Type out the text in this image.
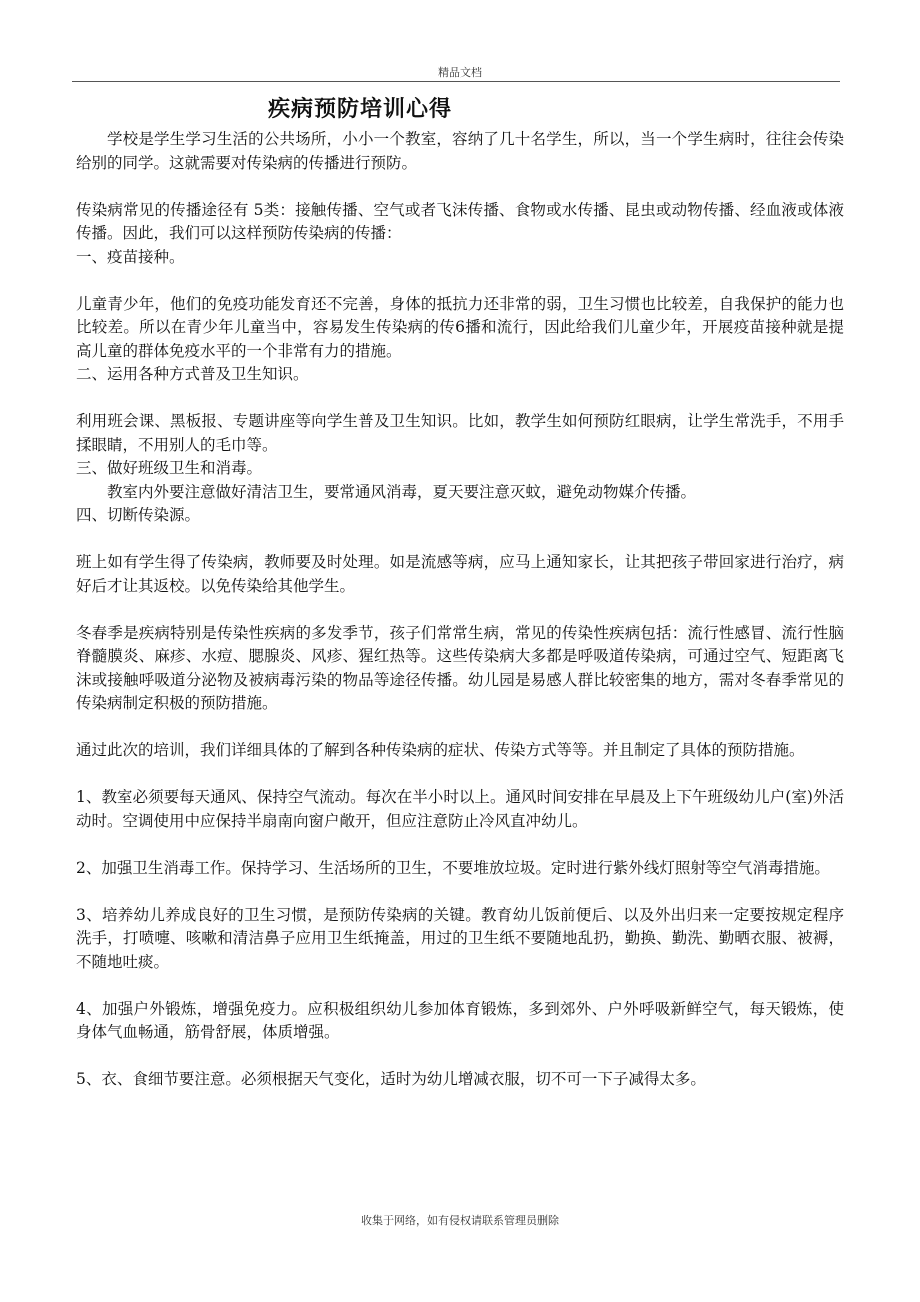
精品文档
疾病预防培训心得

学校是学生学习生活的公共场所，小小一个教室，容纳了几十名学生，所以，当一个学生病时，往往会传染给别的同学。这就需要对传染病的传播进行预防。

传染病常见的传播途径有 5类：接触传播、空气或者飞沫传播、食物或水传播、昆虫或动物传播、经血液或体液传播。因此，我们可以这样预防传染病的传播：

一、疫苗接种。

儿童青少年，他们的免疫功能发育还不完善，身体的抵抗力还非常的弱，卫生习惯也比较差，自我保护的能力也比较差。所以在青少年儿童当中，容易发生传染病的传6播和流行，因此给我们儿童少年，开展疫苗接种就是提高儿童的群体免疫水平的一个非常有力的措施。

二、运用各种方式普及卫生知识。

利用班会课、黑板报、专题讲座等向学生普及卫生知识。比如，教学生如何预防红眼病，让学生常洗手，不用手揉眼睛，不用别人的毛巾等。

三、做好班级卫生和消毒。

教室内外要注意做好清洁卫生，要常通风消毒，夏天要注意灭蚊，避免动物媒介传播。

四、切断传染源。

班上如有学生得了传染病，教师要及时处理。如是流感等病，应马上通知家长，让其把孩子带回家进行治疗，病好后才让其返校。以免传染给其他学生。

冬春季是疾病特别是传染性疾病的多发季节，孩子们常常生病，常见的传染性疾病包括：流行性感冒、流行性脑脊髓膜炎、麻疹、水痘、腮腺炎、风疹、猩红热等。这些传染病大多都是呼吸道传染病，可通过空气、短距离飞沫或接触呼吸道分泌物及被病毒污染的物品等途径传播。幼儿园是易感人群比较密集的地方，需对冬春季常见的传染病制定积极的预防措施。

通过此次的培训，我们详细具体的了解到各种传染病的症状、传染方式等等。并且制定了具体的预防措施。

1、教室必须要每天通风、保持空气流动。每次在半小时以上。通风时间安排在早晨及上下午班级幼儿户(室)外活动时。空调使用中应保持半扇南向窗户敞开，但应注意防止冷风直冲幼儿。

2、加强卫生消毒工作。保持学习、生活场所的卫生，不要堆放垃圾。定时进行紫外线灯照射等空气消毒措施。

3、培养幼儿养成良好的卫生习惯，是预防传染病的关键。教育幼儿饭前便后、以及外出归来一定要按规定程序洗手，打喷嚏、咳嗽和清洁鼻子应用卫生纸掩盖，用过的卫生纸不要随地乱扔，勤换、勤洗、勤晒衣服、被褥，不随地吐痰。

4、加强户外锻炼，增强免疫力。应积极组织幼儿参加体育锻炼，多到郊外、户外呼吸新鲜空气，每天锻炼，使身体气血畅通，筋骨舒展，体质增强。

5、衣、食细节要注意。必须根据天气变化，适时为幼儿增减衣服，切不可一下子减得太多。

收集于网络，如有侵权请联系管理员删除
